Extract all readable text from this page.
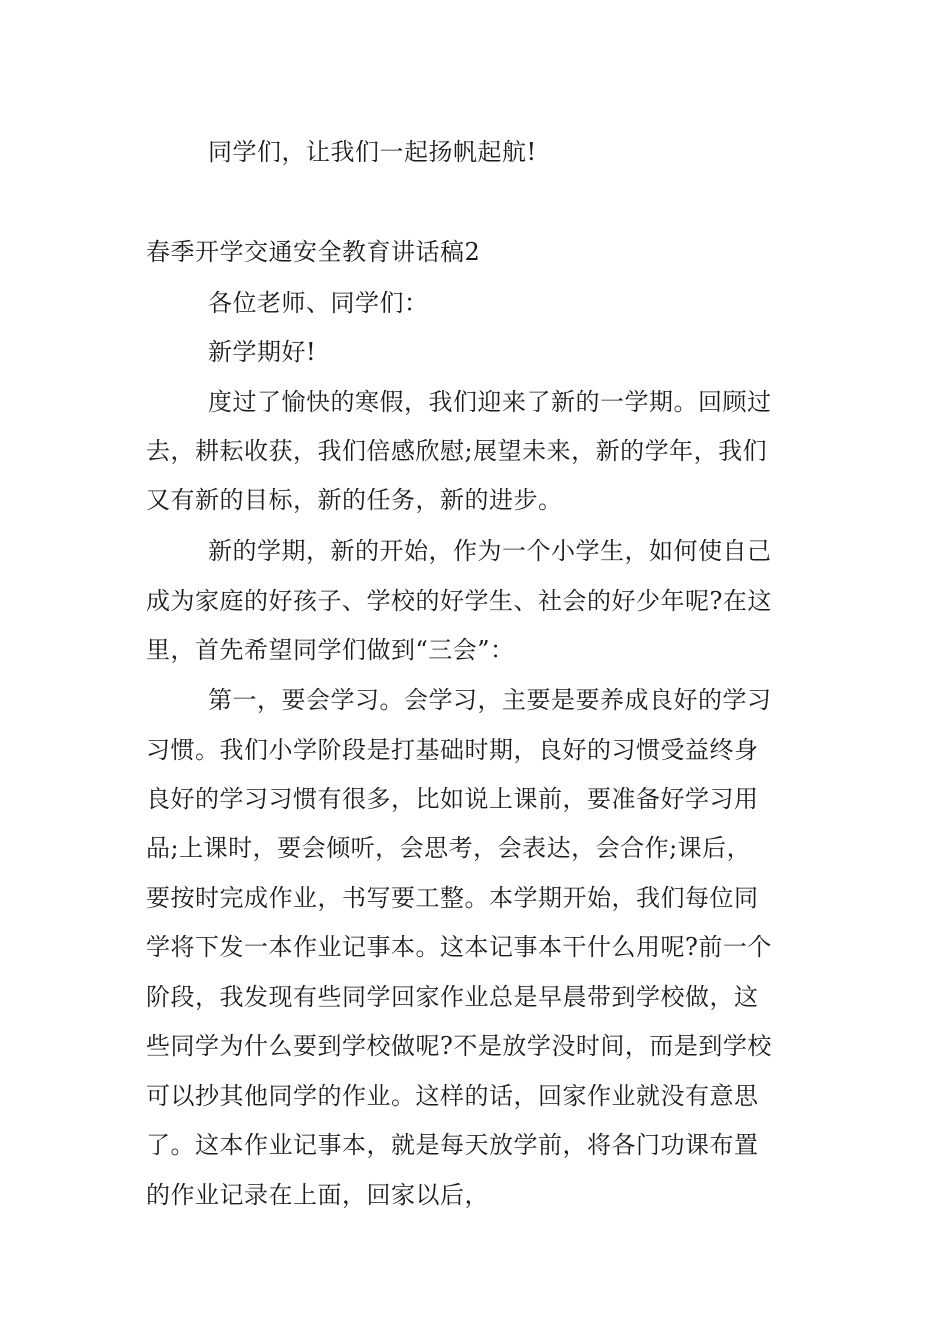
同学们，让我们一起扬帆起航!
春季开学交通安全教育讲话稿2
各位老师、同学们：
新学期好!
度过了愉快的寒假，我们迎来了新的一学期。回顾过
去，耕耘收获，我们倍感欣慰;展望未来，新的学年，我们
又有新的目标，新的任务，新的进步。
新的学期，新的开始，作为一个小学生，如何使自己
成为家庭的好孩子、学校的好学生、社会的好少年呢?在这
里，首先希望同学们做到“三会”：
第一，要会学习。会学习，主要是要养成良好的学习
习惯。我们小学阶段是打基础时期，良好的习惯受益终身
良好的学习习惯有很多，比如说上课前，要准备好学习用
品;上课时，要会倾听，会思考，会表达，会合作;课后，
要按时完成作业，书写要工整。本学期开始，我们每位同
学将下发一本作业记事本。这本记事本干什么用呢?前一个
阶段，我发现有些同学回家作业总是早晨带到学校做，这
些同学为什么要到学校做呢?不是放学没时间，而是到学校
可以抄其他同学的作业。这样的话，回家作业就没有意思
了。这本作业记事本，就是每天放学前，将各门功课布置
的作业记录在上面，回家以后，
